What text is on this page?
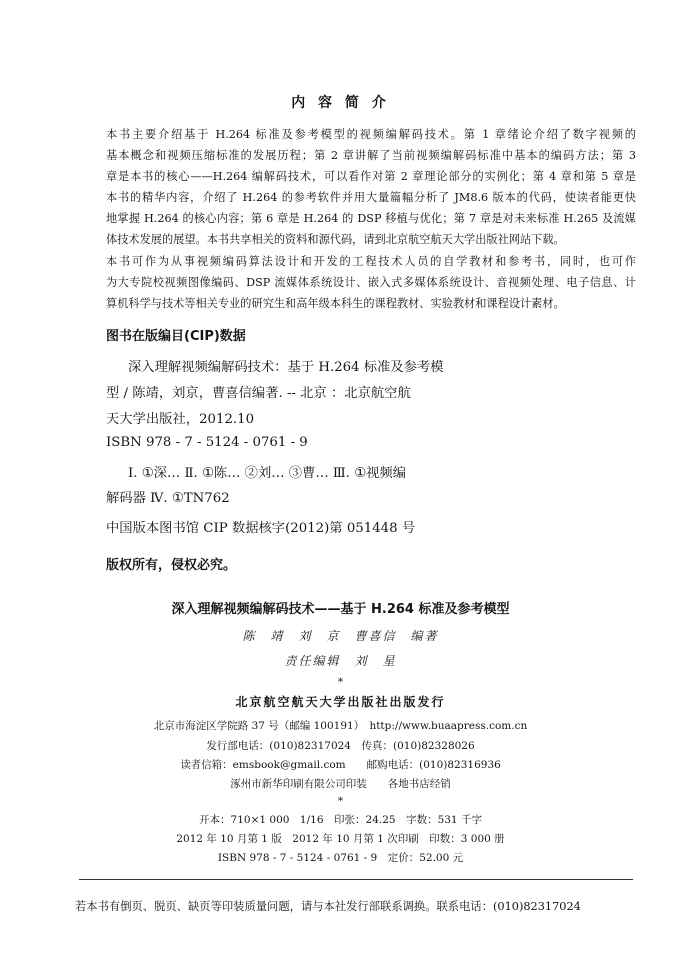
内 容 简 介
本书主要介绍基于 H.264 标准及参考模型的视频编解码技术。第 1 章绪论介绍了数字视频的
基本概念和视频压缩标准的发展历程；第 2 章讲解了当前视频编解码标准中基本的编码方法；第 3
章是本书的核心——H.264 编解码技术，可以看作对第 2 章理论部分的实例化；第 4 章和第 5 章是
本书的精华内容，介绍了 H.264 的参考软件并用大量篇幅分析了 JM8.6 版本的代码，使读者能更快
地掌握 H.264 的核心内容；第 6 章是 H.264 的 DSP 移植与优化；第 7 章是对未来标准 H.265 及流媒
体技术发展的展望。本书共享相关的资料和源代码，请到北京航空航天大学出版社网站下载。
本书可作为从事视频编码算法设计和开发的工程技术人员的自学教材和参考书，同时，也可作
为大专院校视频图像编码、DSP 流媒体系统设计、嵌入式多媒体系统设计、音视频处理、电子信息、计
算机科学与技术等相关专业的研究生和高年级本科生的课程教材、实验教材和课程设计素材。
图书在版编目(CIP)数据
深入理解视频编解码技术：基于 H.264 标准及参考模
型 / 陈靖，刘京，曹喜信编著. -- 北京 ：北京航空航
天大学出版社，2012.10
ISBN 978 - 7 - 5124 - 0761 - 9
Ⅰ. ①深… Ⅱ. ①陈… ②刘… ③曹… Ⅲ. ①视频编
解码器 Ⅳ. ①TN762
中国版本图书馆 CIP 数据核字(2012)第 051448 号
版权所有，侵权必究。
深入理解视频编解码技术——基于 H.264 标准及参考模型
陈　靖　刘　京　曹喜信　编著
责任编辑　刘　星
*
北京航空航天大学出版社出版发行
北京市海淀区学院路 37 号（邮编 100191）　http://www.buaapress.com.cn
发行部电话：(010)82317024　传真：(010)82328026
读者信箱：emsbook@gmail.com　　邮购电话：(010)82316936
涿州市新华印刷有限公司印装　　各地书店经销
*
开本：710×1 000　1/16　印张：24.25　字数：531 千字
2012 年 10 月第 1 版　2012 年 10 月第 1 次印刷　印数：3 000 册
ISBN 978 - 7 - 5124 - 0761 - 9　定价：52.00 元
若本书有倒页、脱页、缺页等印装质量问题，请与本社发行部联系调换。联系电话：(010)82317024
